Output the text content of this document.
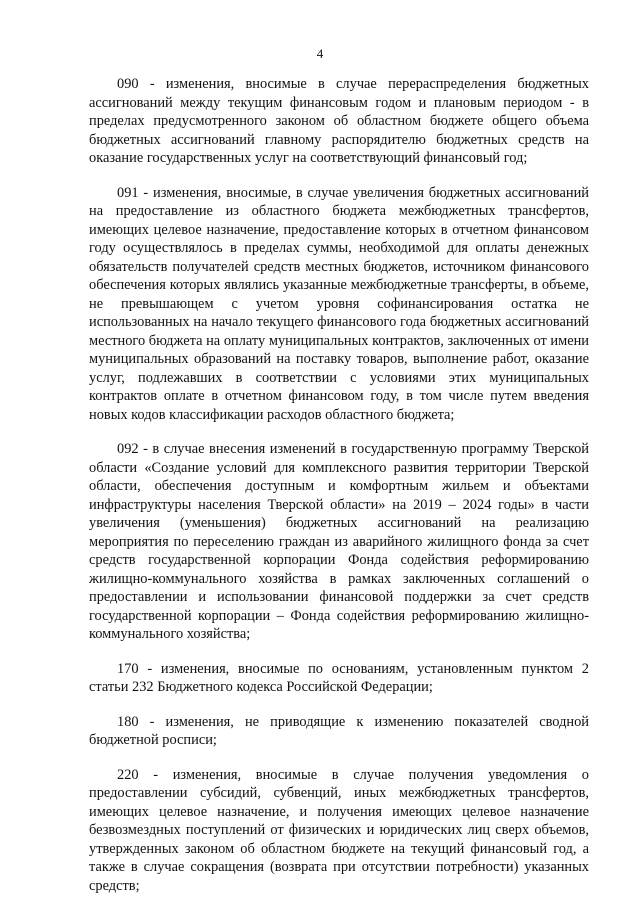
4

090 - изменения, вносимые в случае перераспределения бюджетных ассигнований между текущим финансовым годом и плановым периодом - в пределах предусмотренного законом об областном бюджете общего объема бюджетных ассигнований главному распорядителю бюджетных средств на оказание государственных услуг на соответствующий финансовый год;

091 - изменения, вносимые, в случае увеличения бюджетных ассигнований на предоставление из областного бюджета межбюджетных трансфертов, имеющих целевое назначение, предоставление которых в отчетном финансовом году осуществлялось в пределах суммы, необходимой для оплаты денежных обязательств получателей средств местных бюджетов, источником финансового обеспечения которых являлись указанные межбюджетные трансферты, в объеме, не превышающем с учетом уровня софинансирования остатка не использованных на начало текущего финансового года бюджетных ассигнований местного бюджета на оплату муниципальных контрактов, заключенных от имени муниципальных образований на поставку товаров, выполнение работ, оказание услуг, подлежавших в соответствии с условиями этих муниципальных контрактов оплате в отчетном финансовом году, в том числе путем введения новых кодов классификации расходов областного бюджета;

092 - в случае внесения изменений в государственную программу Тверской области «Создание условий для комплексного развития территории Тверской области, обеспечения доступным и комфортным жильем и объектами инфраструктуры населения Тверской области» на 2019 – 2024 годы» в части увеличения (уменьшения) бюджетных ассигнований на реализацию мероприятия по переселению граждан из аварийного жилищного фонда за счет средств государственной корпорации Фонда содействия реформированию жилищно-коммунального хозяйства в рамках заключенных соглашений о предоставлении и использовании финансовой поддержки за счет средств государственной корпорации – Фонда содействия реформированию жилищно-коммунального хозяйства;

170 - изменения, вносимые по основаниям, установленным пунктом 2 статьи 232 Бюджетного кодекса Российской Федерации;

180 - изменения, не приводящие к изменению показателей сводной бюджетной росписи;

220 - изменения, вносимые в случае получения уведомления о предоставлении субсидий, субвенций, иных межбюджетных трансфертов, имеющих целевое назначение, и получения имеющих целевое назначение безвозмездных поступлений от физических и юридических лиц сверх объемов, утвержденных законом об областном бюджете на текущий финансовый год, а также в случае сокращения (возврата при отсутствии потребности) указанных средств;
